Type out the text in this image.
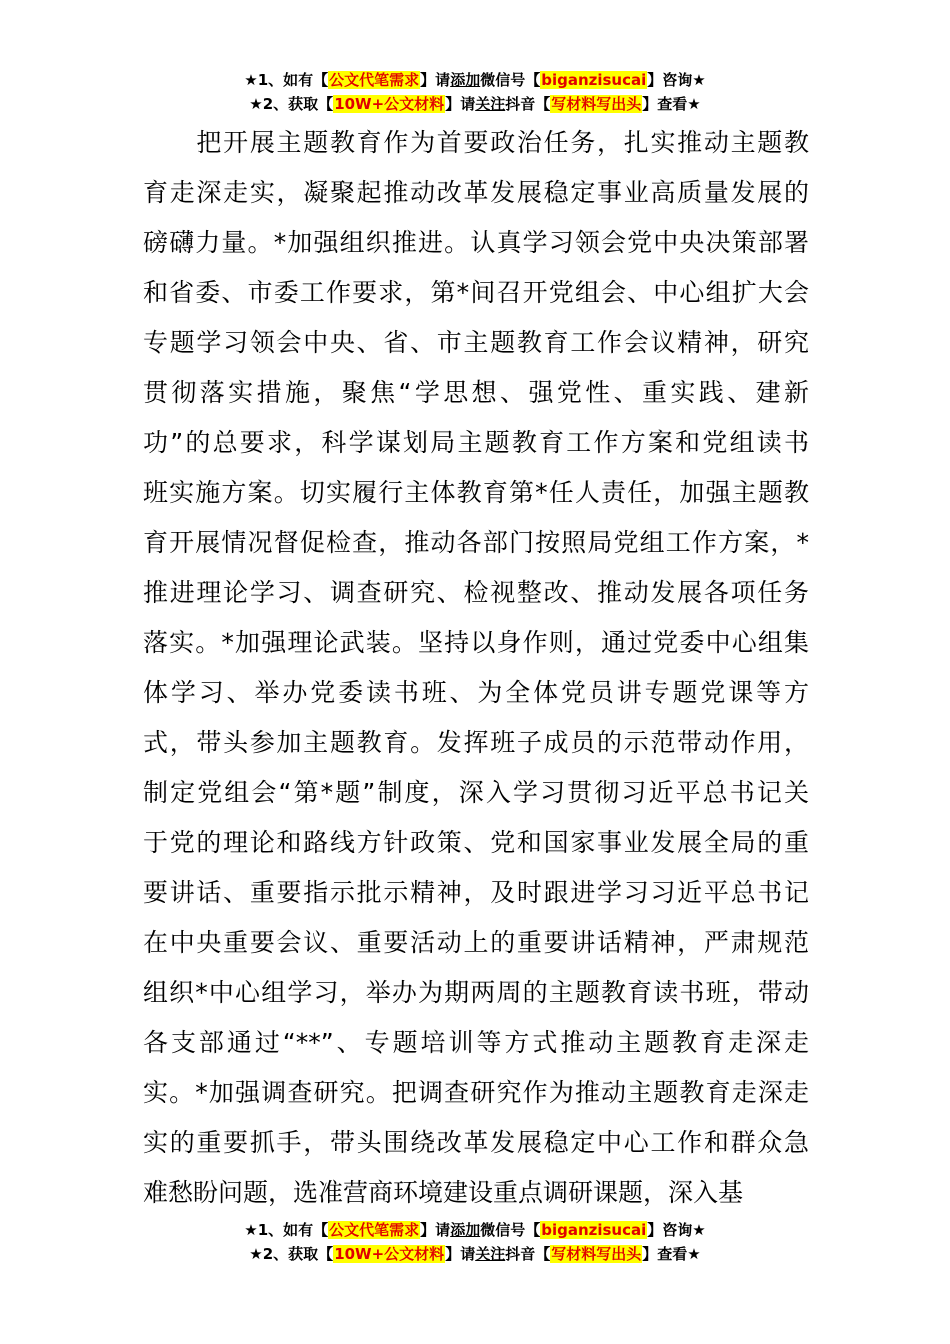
★1、如有【公文代笔需求】请添加微信号【biganzisucai】咨询★
★2、获取【10W+公文材料】请关注抖音【写材料写出头】查看★
　　把开展主题教育作为首要政治任务，扎实推动主题教
育走深走实，凝聚起推动改革发展稳定事业高质量发展的
磅礴力量。*加强组织推进。认真学习领会党中央决策部署
和省委、市委工作要求，第*间召开党组会、中心组扩大会
专题学习领会中央、省、市主题教育工作会议精神，研究
贯彻落实措施，聚焦“学思想、强党性、重实践、建新
功”的总要求，科学谋划局主题教育工作方案和党组读书
班实施方案。切实履行主体教育第*任人责任，加强主题教
育开展情况督促检查，推动各部门按照局党组工作方案，*
推进理论学习、调查研究、检视整改、推动发展各项任务
落实。*加强理论武装。坚持以身作则，通过党委中心组集
体学习、举办党委读书班、为全体党员讲专题党课等方
式，带头参加主题教育。发挥班子成员的示范带动作用，
制定党组会“第*题”制度，深入学习贯彻习近平总书记关
于党的理论和路线方针政策、党和国家事业发展全局的重
要讲话、重要指示批示精神，及时跟进学习习近平总书记
在中央重要会议、重要活动上的重要讲话精神，严肃规范
组织*中心组学习，举办为期两周的主题教育读书班，带动
各支部通过“**”、专题培训等方式推动主题教育走深走
实。*加强调查研究。把调查研究作为推动主题教育走深走
实的重要抓手，带头围绕改革发展稳定中心工作和群众急
难愁盼问题，选准营商环境建设重点调研课题，深入基
★1、如有【公文代笔需求】请添加微信号【biganzisucai】咨询★
★2、获取【10W+公文材料】请关注抖音【写材料写出头】查看★
